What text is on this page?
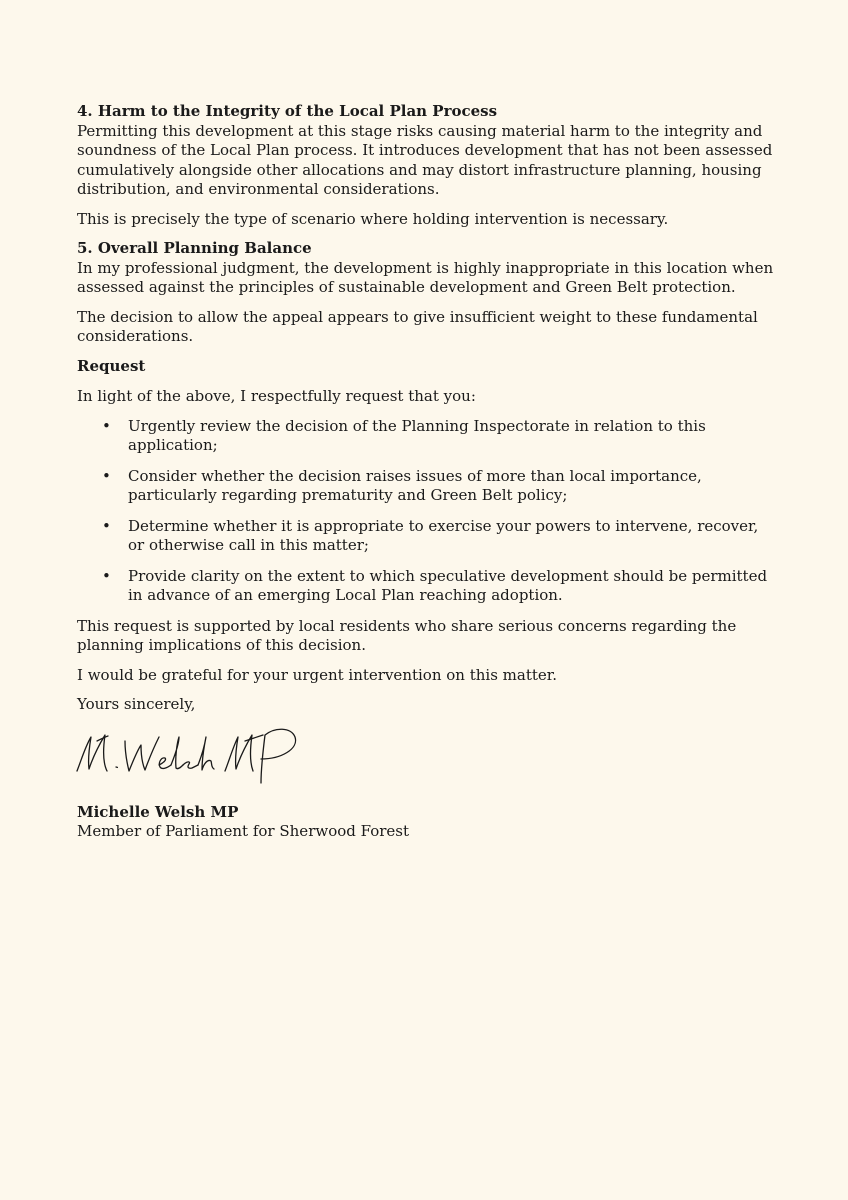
4. Harm to the Integrity of the Local Plan Process

Permitting this development at this stage risks causing material harm to the integrity and soundness of the Local Plan process. It introduces development that has not been assessed cumulatively alongside other allocations and may distort infrastructure planning, housing distribution, and environmental considerations.

This is precisely the type of scenario where holding intervention is necessary.

5. Overall Planning Balance

In my professional judgment, the development is highly inappropriate in this location when assessed against the principles of sustainable development and Green Belt protection.

The decision to allow the appeal appears to give insufficient weight to these fundamental considerations.

Request

In light of the above, I respectfully request that you:

• Urgently review the decision of the Planning Inspectorate in relation to this application;
• Consider whether the decision raises issues of more than local importance, particularly regarding prematurity and Green Belt policy;
• Determine whether it is appropriate to exercise your powers to intervene, recover, or otherwise call in this matter;
• Provide clarity on the extent to which speculative development should be permitted in advance of an emerging Local Plan reaching adoption.

This request is supported by local residents who share serious concerns regarding the planning implications of this decision.

I would be grateful for your urgent intervention on this matter.

Yours sincerely,

Michelle Welsh MP

Member of Parliament for Sherwood Forest
